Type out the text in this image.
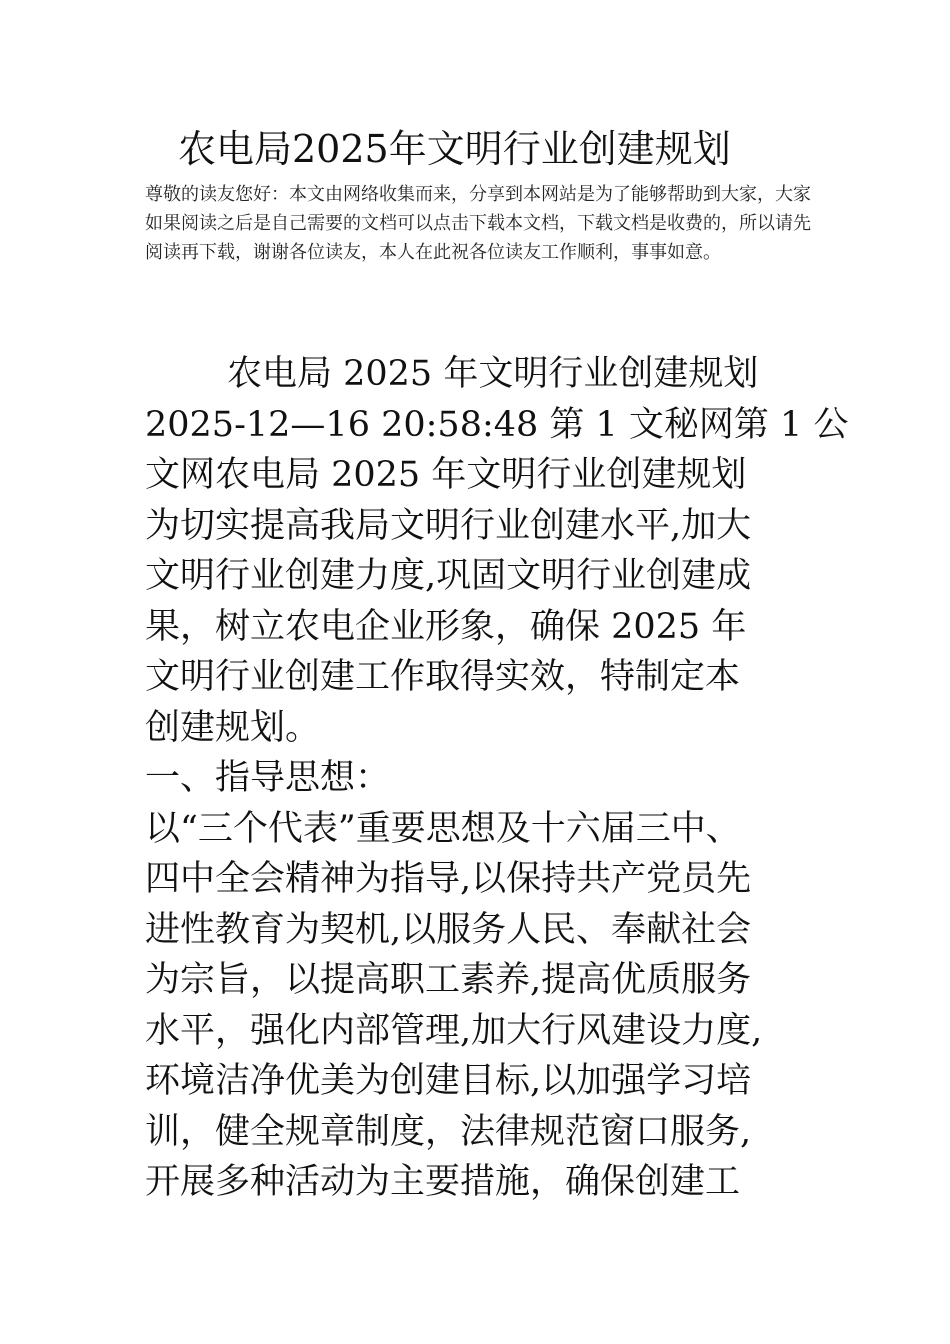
农电局2025年文明行业创建规划

尊敬的读友您好：本文由网络收集而来，分享到本网站是为了能够帮助到大家，大家如果阅读之后是自己需要的文档可以点击下载本文档，下载文档是收费的，所以请先阅读再下载，谢谢各位读友，本人在此祝各位读友工作顺利，事事如意。

农电局 2025 年文明行业创建规划
2025-12—16 20:58:48 第 1 文秘网第 1 公
文网农电局 2025 年文明行业创建规划
为切实提高我局文明行业创建水平,加大
文明行业创建力度,巩固文明行业创建成
果，树立农电企业形象，确保 2025 年
文明行业创建工作取得实效，特制定本
创建规划。
一、指导思想：
以“三个代表”重要思想及十六届三中、
四中全会精神为指导,以保持共产党员先
进性教育为契机,以服务人民、奉献社会
为宗旨，以提高职工素养,提高优质服务
水平，强化内部管理,加大行风建设力度,
环境洁净优美为创建目标,以加强学习培
训，健全规章制度，法律规范窗口服务,
开展多种活动为主要措施，确保创建工
